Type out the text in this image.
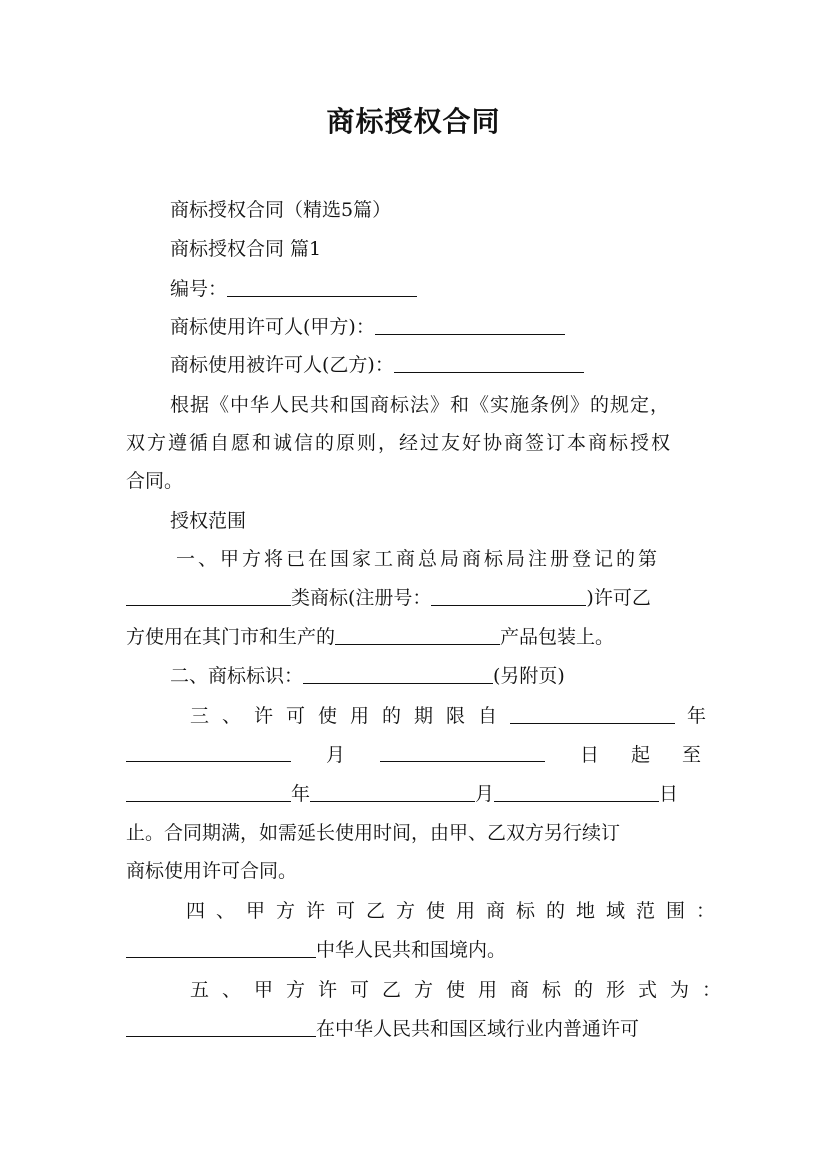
商标授权合同
商标授权合同（精选5篇）
商标授权合同 篇1
编号：
商标使用许可人(甲方)：
商标使用被许可人(乙方)：
根据《中华人民共和国商标法》和《实施条例》的规定，
双方遵循自愿和诚信的原则，经过友好协商签订本商标授权
合同。
授权范围
一、甲方将已在国家工商总局商标局注册登记的第
类商标(注册号：	)许可乙
方使用在其门市和生产的	产品包装上。
二、商标标识：	(另附页)
三、许可使用的期限自	年
月	日起至
年	月	日
止。合同期满，如需延长使用时间，由甲、乙双方另行续订
商标使用许可合同。
四、甲方许可乙方使用商标的地域范围：
中华人民共和国境内。
五、甲方许可乙方使用商标的形式为：
在中华人民共和国区域行业内普通许可
